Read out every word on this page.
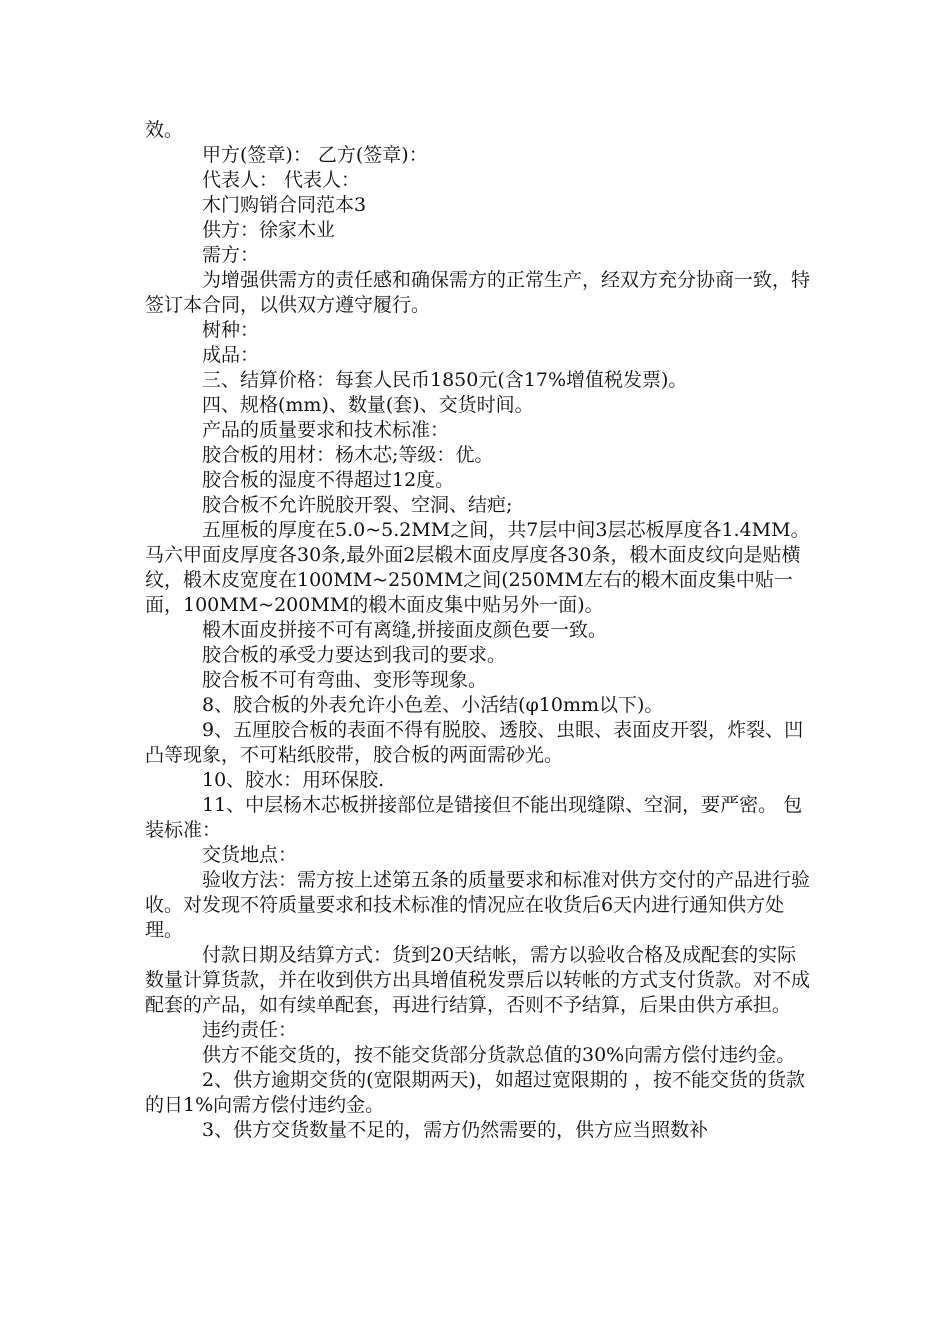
效。

甲方(签章)： 乙方(签章)：

代表人： 代表人：

木门购销合同范本3

供方：徐家木业

需方：

为增强供需方的责任感和确保需方的正常生产，经双方充分协商一致，特签订本合同，以供双方遵守履行。

树种：

成品：

三、结算价格：每套人民币1850元(含17%增值税发票)。

四、规格(mm)、数量(套)、交货时间。

产品的质量要求和技术标准：

胶合板的用材：杨木芯;等级：优。

胶合板的湿度不得超过12度。

胶合板不允许脱胶开裂、空洞、结疤;

五厘板的厚度在5.0~5.2MM之间，共7层中间3层芯板厚度各1.4MM。马六甲面皮厚度各30条,最外面2层椴木面皮厚度各30条，椴木面皮纹向是贴横纹，椴木皮宽度在100MM~250MM之间(250MM左右的椴木面皮集中贴一面，100MM~200MM的椴木面皮集中贴另外一面)。

椴木面皮拼接不可有离缝,拼接面皮颜色要一致。

胶合板的承受力要达到我司的要求。

胶合板不可有弯曲、变形等现象。

8、胶合板的外表允许小色差、小活结(φ10mm以下)。

9、五厘胶合板的表面不得有脱胶、透胶、虫眼、表面皮开裂，炸裂、凹凸等现象，不可粘纸胶带，胶合板的两面需砂光。

10、胶水：用环保胶.

11、中层杨木芯板拼接部位是错接但不能出现缝隙、空洞，要严密。 包装标准：

交货地点：

验收方法：需方按上述第五条的质量要求和标准对供方交付的产品进行验收。对发现不符质量要求和技术标准的情况应在收货后6天内进行通知供方处理。

付款日期及结算方式：货到20天结帐，需方以验收合格及成配套的实际数量计算货款，并在收到供方出具增值税发票后以转帐的方式支付货款。对不成配套的产品，如有续单配套，再进行结算，否则不予结算，后果由供方承担。

违约责任：

供方不能交货的，按不能交货部分货款总值的30%向需方偿付违约金。

2、供方逾期交货的(宽限期两天)，如超过宽限期的 ，按不能交货的货款的日1%向需方偿付违约金。

3、供方交货数量不足的，需方仍然需要的，供方应当照数补
